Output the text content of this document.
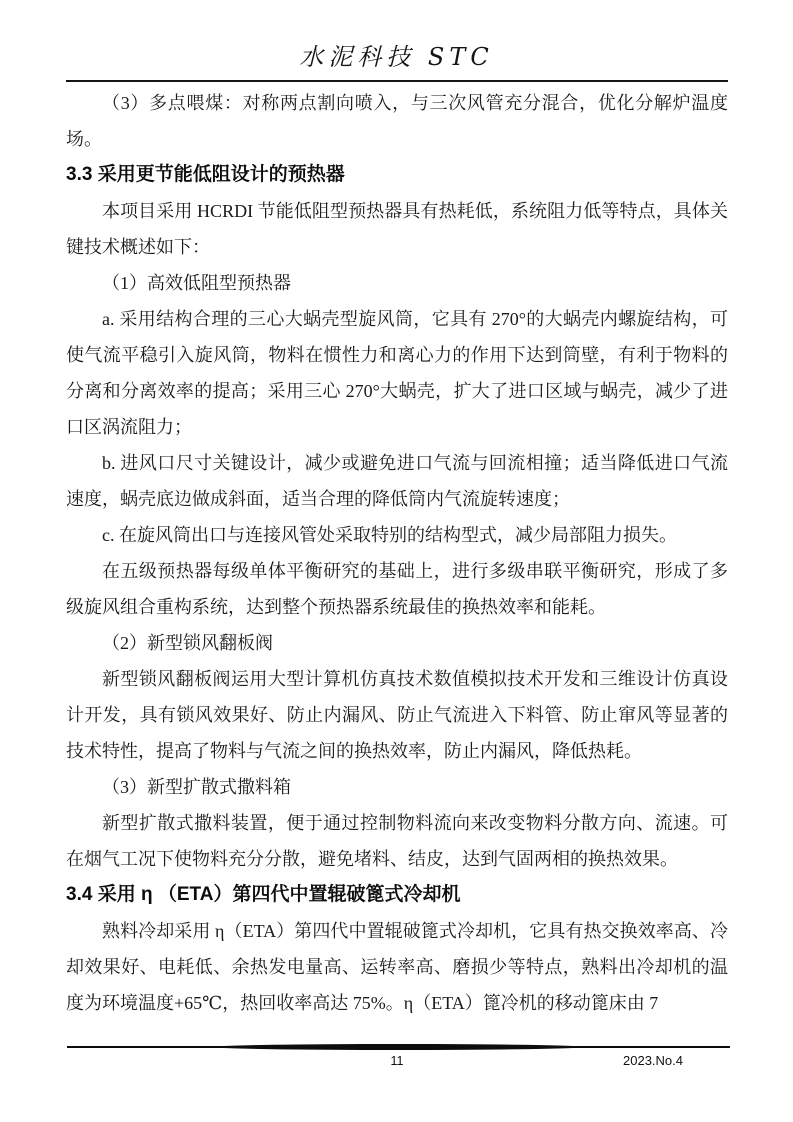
水泥科技 STC

（3）多点喂煤：对称两点割向喷入，与三次风管充分混合，优化分解炉温度场。

3.3 采用更节能低阻设计的预热器

本项目采用 HCRDI 节能低阻型预热器具有热耗低，系统阻力低等特点，具体关键技术概述如下：

（1）高效低阻型预热器

a. 采用结构合理的三心大蜗壳型旋风筒，它具有 270°的大蜗壳内螺旋结构，可使气流平稳引入旋风筒，物料在惯性力和离心力的作用下达到筒壁，有利于物料的分离和分离效率的提高；采用三心 270°大蜗壳，扩大了进口区域与蜗壳，减少了进口区涡流阻力；

b. 进风口尺寸关键设计，减少或避免进口气流与回流相撞；适当降低进口气流速度，蜗壳底边做成斜面，适当合理的降低筒内气流旋转速度；

c. 在旋风筒出口与连接风管处采取特别的结构型式，减少局部阻力损失。

在五级预热器每级单体平衡研究的基础上，进行多级串联平衡研究，形成了多级旋风组合重构系统，达到整个预热器系统最佳的换热效率和能耗。

（2）新型锁风翻板阀

新型锁风翻板阀运用大型计算机仿真技术数值模拟技术开发和三维设计仿真设计开发，具有锁风效果好、防止内漏风、防止气流进入下料管、防止窜风等显著的技术特性，提高了物料与气流之间的换热效率，防止内漏风，降低热耗。

（3）新型扩散式撒料箱

新型扩散式撒料装置，便于通过控制物料流向来改变物料分散方向、流速。可在烟气工况下使物料充分分散，避免堵料、结皮，达到气固两相的换热效果。

3.4 采用 η （ETA）第四代中置辊破篦式冷却机

熟料冷却采用 η（ETA）第四代中置辊破篦式冷却机，它具有热交换效率高、冷却效果好、电耗低、余热发电量高、运转率高、磨损少等特点，熟料出冷却机的温度为环境温度+65℃，热回收率高达 75%。η（ETA）篦冷机的移动篦床由 7

11	2023.No.4
